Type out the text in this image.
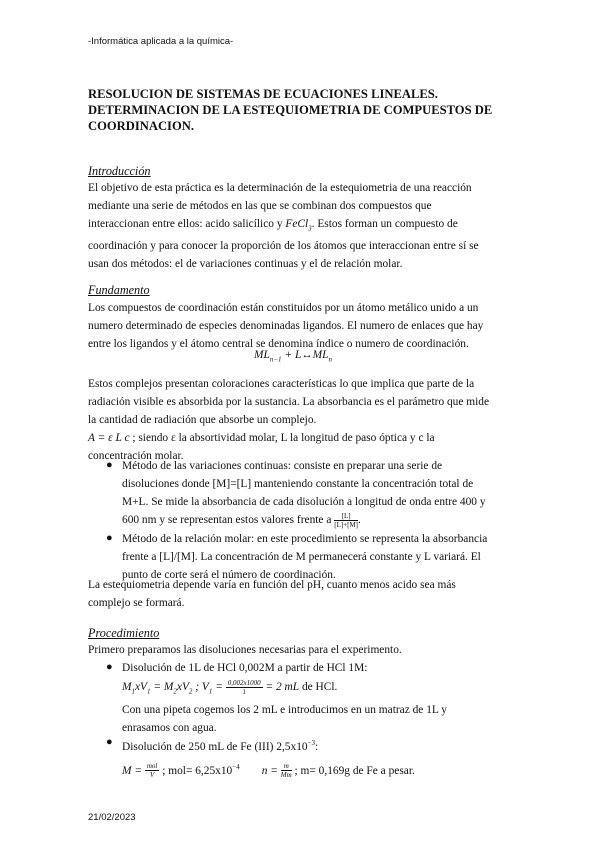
-Informática aplicada a la química-
RESOLUCION DE SISTEMAS DE ECUACIONES LINEALES.
DETERMINACION DE LA ESTEQUIOMETRIA DE COMPUESTOS DE
COORDINACION.
Introducción
El objetivo de esta práctica es la determinación de la estequiometria de una reacción
mediante una serie de métodos en las que se combinan dos compuestos que
interaccionan entre ellos: acido salicílico y FeCl$_3$. Estos forman un compuesto de
coordinación y para conocer la proporción de los átomos que interaccionan entre sí se
usan dos métodos: el de variaciones continuas y el de relación molar.
Fundamento
Los compuestos de coordinación están constituidos por un átomo metálico unido a un
numero determinado de especies denominadas ligandos. El numero de enlaces que hay
entre los ligandos y el átomo central se denomina índice o numero de coordinación.
$ML_{n-1}$ + $L\leftrightarrow ML_n$
Estos complejos presentan coloraciones características lo que implica que parte de la
radiación visible es absorbida por la sustancia. La absorbancia es el parámetro que mide
la cantidad de radiación que absorbe un complejo.
A = ε L c ; siendo ε la absortividad molar, L la longitud de paso óptica y c la
concentración molar.
● Método de las variaciones continuas: consiste en preparar una serie de
disoluciones donde [M]=[L] manteniendo constante la concentración total de
M+L. Se mide la absorbancia de cada disolución a longitud de onda entre 400 y
600 nm y se representan estos valores frente a $\frac{[L]}{[L]+[M]}$ .
● Método de la relación molar: en este procedimiento se representa la absorbancia
frente a [L]/[M]. La concentración de M permanecerá constante y L variará. El
punto de corte será el número de coordinación.
La estequiometria depende varía en función del pH, cuanto menos acido sea más
complejo se formará.
Procedimiento
Primero preparamos las disoluciones necesarias para el experimento.
● Disolución de 1L de HCl 0,002M a partir de HCl 1M:
$M_1xV_1 = M_2xV_2$ ; $V_1 = \frac{0,002x1000}{1} = 2$ mL de HCl.
Con una pipeta cogemos los 2 mL e introducimos en un matraz de 1L y
enrasamos con agua.
● Disolución de 250 mL de Fe (III) $2,5x10^{-3}$:
$M = \frac{\text{mol}}{V}$ ; $mol= 6,25x10^{-4}$ $n = \frac{m}{Mm}$ ; m= 0,169g de Fe a pesar.
21/02/2023
